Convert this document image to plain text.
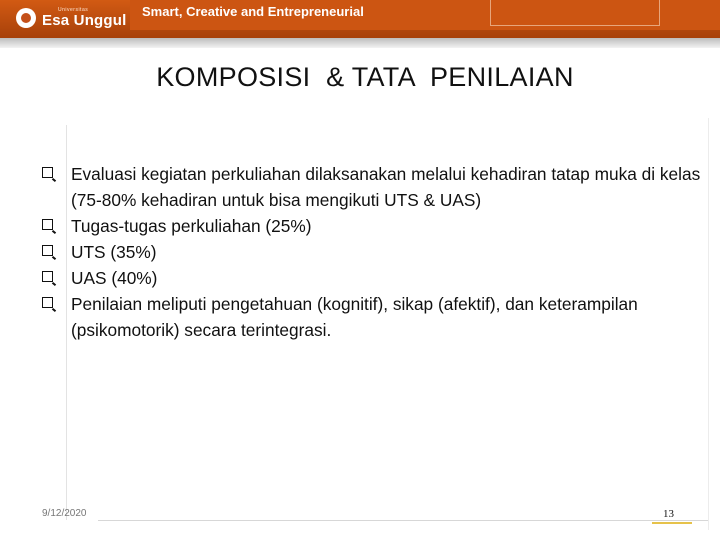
Universitas
Esa Unggul Smart, Creative and Entrepreneurial
KOMPOSISI  & TATA  PENILAIAN
Evaluasi kegiatan perkuliahan dilaksanakan melalui kehadiran tatap muka di kelas (75-80% kehadiran untuk bisa mengikuti UTS & UAS)
Tugas-tugas perkuliahan (25%)
UTS (35%)
UAS (40%)
Penilaian meliputi pengetahuan (kognitif), sikap (afektif), dan keterampilan (psikomotorik) secara terintegrasi.
9/12/2020	13
